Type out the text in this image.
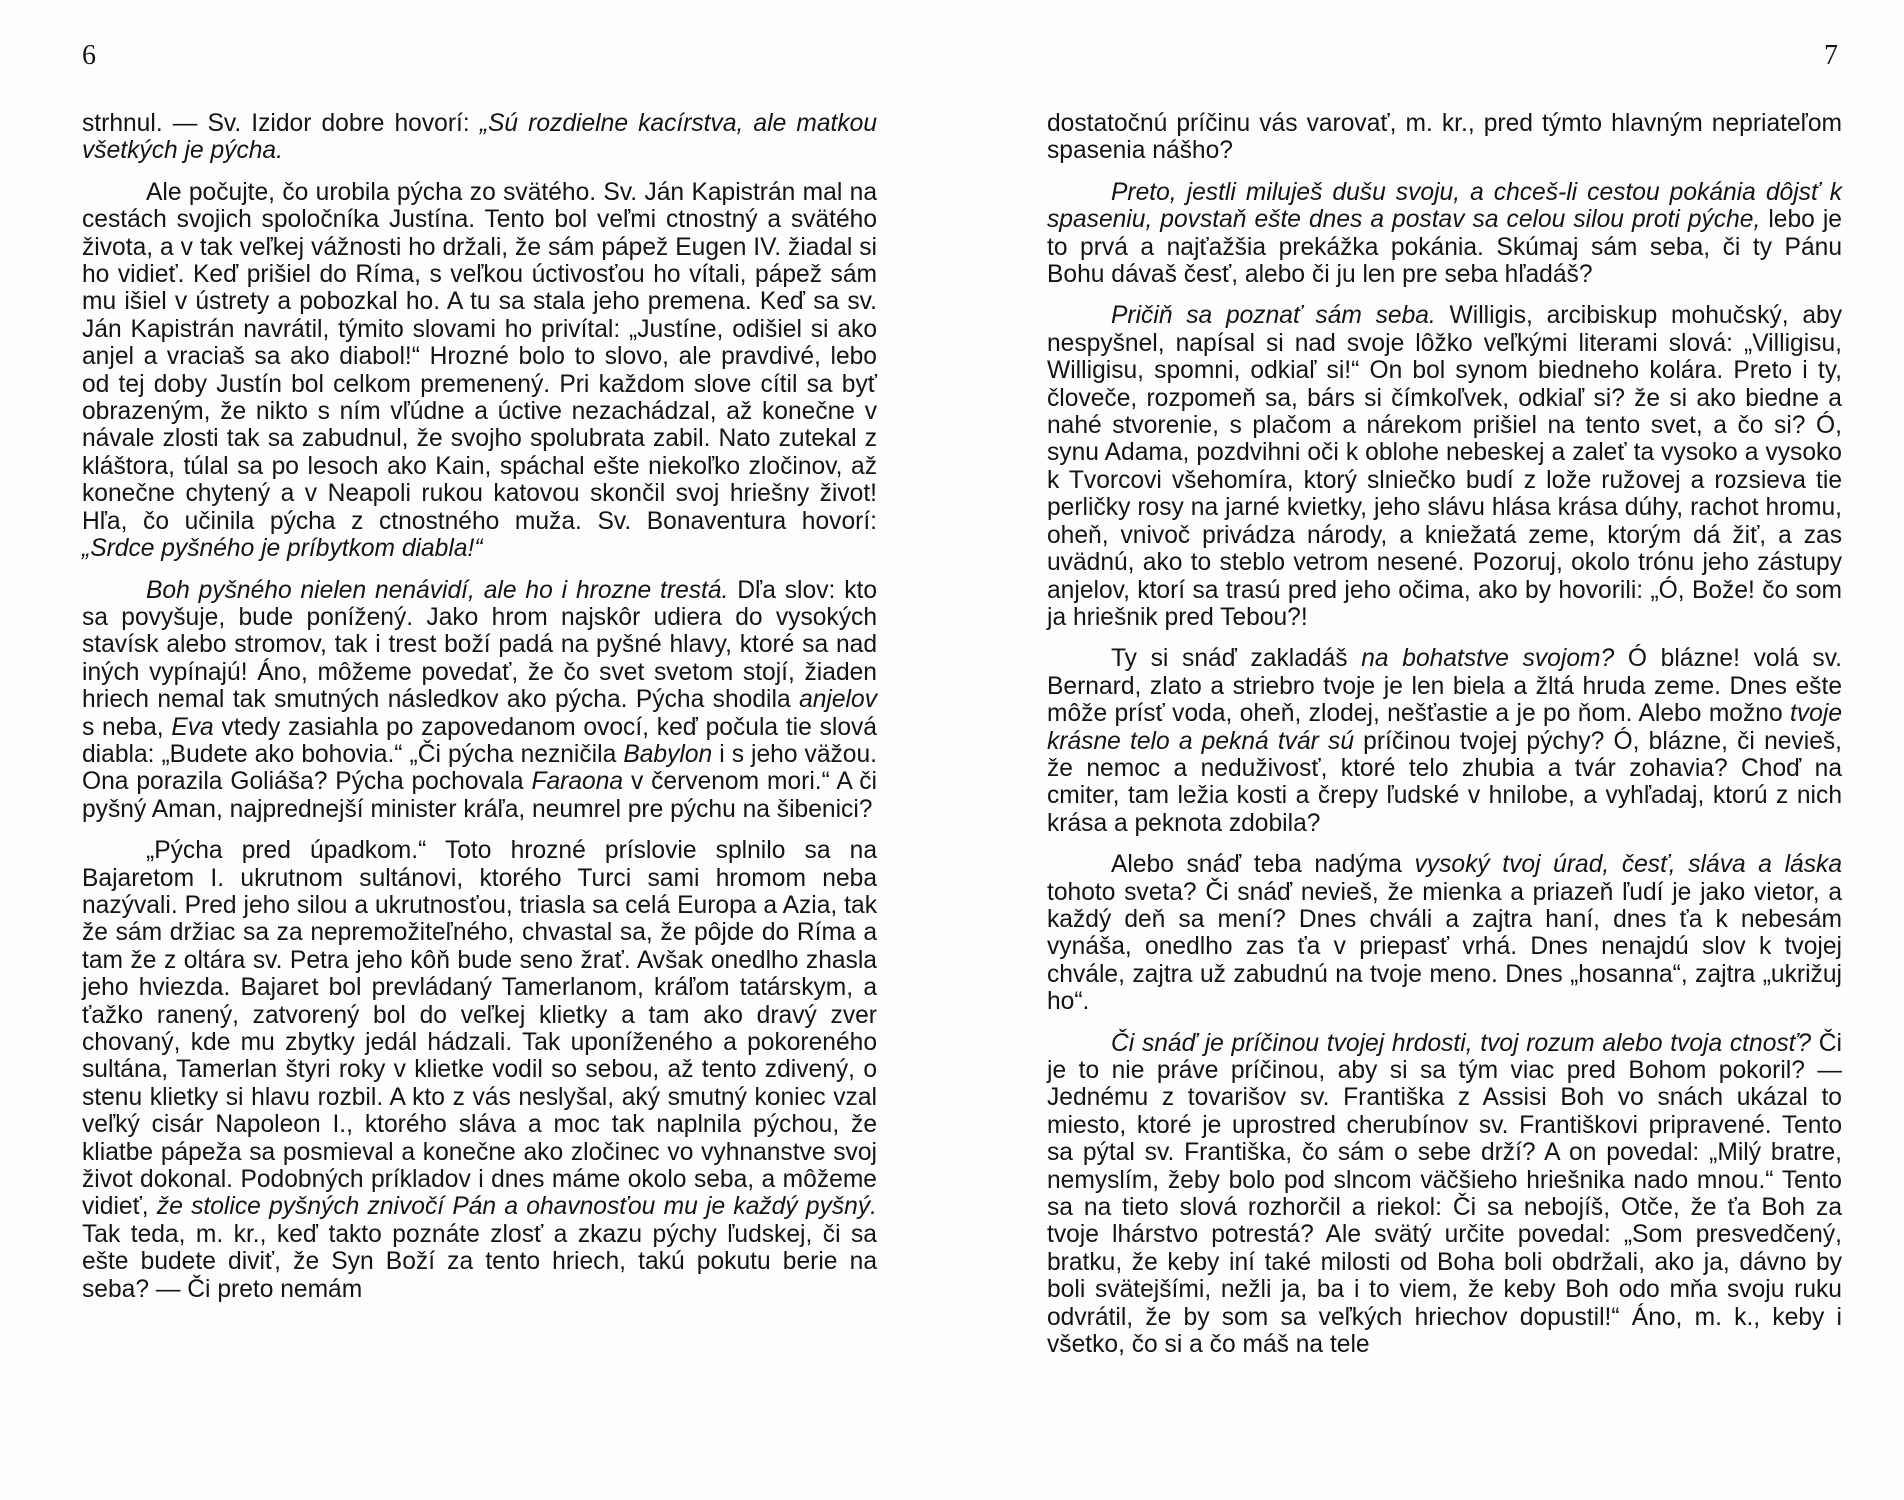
6

strhnul. — Sv. Izidor dobre hovorí: „Sú rozdielne kacírstva, ale matkou všetkých je pýcha.

Ale počujte, čo urobila pýcha zo svätého. Sv. Ján Kapistrán mal na cestách svojich spoločníka Justína. Tento bol veľmi ctnostný a svätého života, a v tak veľkej vážnosti ho držali, že sám pápež Eugen IV. žiadal si ho vidieť. Keď prišiel do Ríma, s veľkou úctivosťou ho vítali, pápež sám mu išiel v ústrety a pobozkal ho. A tu sa stala jeho premena. Keď sa sv. Ján Kapistrán navrátil, týmito slovami ho privítal: „Justíne, odišiel si ako anjel a vraciaš sa ako diabol!“ Hrozné bolo to slovo, ale pravdivé, lebo od tej doby Justín bol celkom premenený. Pri každom slove cítil sa byť obrazeným, že nikto s ním vľúdne a úctive nezachádzal, až konečne v návale zlosti tak sa zabudnul, že svojho spolubrata zabil. Nato zutekal z kláštora, túlal sa po lesoch ako Kain, spáchal ešte niekoľko zločinov, až konečne chytený a v Neapoli rukou katovou skončil svoj hriešny život! Hľa, čo učinila pýcha z ctnostného muža. Sv. Bonaventura hovorí: „Srdce pyšného je príbytkom diabla!“

Boh pyšného nielen nenávidí, ale ho i hrozne trestá. Dľa slov: kto sa povyšuje, bude ponížený. Jako hrom najskôr udiera do vysokých stavísk alebo stromov, tak i trest boží padá na pyšné hlavy, ktoré sa nad iných vypínajú! Áno, môžeme povedať, že čo svet svetom stojí, žiaden hriech nemal tak smutných následkov ako pýcha. Pýcha shodila anjelov s neba, Eva vtedy zasiahla po zapovedanom ovocí, keď počula tie slová diabla: „Budete ako bohovia.“ „Či pýcha nezničila Babylon i s jeho väžou. Ona porazila Goliáša? Pýcha pochovala Faraona v červenom mori.“ A či pyšný Aman, najprednejší minister kráľa, neumrel pre pýchu na šibenici?

„Pýcha pred úpadkom.“ Toto hrozné príslovie splnilo sa na Bajaretom I. ukrutnom sultánovi, ktorého Turci sami hromom neba nazývali. Pred jeho silou a ukrutnosťou, triasla sa celá Europa a Azia, tak že sám držiac sa za nepremožiteľného, chvastal sa, že pôjde do Ríma a tam že z oltára sv. Petra jeho kôň bude seno žrať. Avšak onedlho zhasla jeho hviezda. Bajaret bol prevládaný Tamerlanom, kráľom tatárskym, a ťažko ranený, zatvorený bol do veľkej klietky a tam ako dravý zver chovaný, kde mu zbytky jedál hádzali. Tak uponíženého a pokoreného sultána, Tamerlan štyri roky v klietke vodil so sebou, až tento zdivený, o stenu klietky si hlavu rozbil. A kto z vás neslyšal, aký smutný koniec vzal veľký cisár Napoleon I., ktorého sláva a moc tak naplnila pýchou, že kliatbe pápeža sa posmieval a konečne ako zločinec vo vyhnanstve svoj život dokonal. Podobných príkladov i dnes máme okolo seba, a môžeme vidieť, že stolice pyšných znivočí Pán a ohavnosťou mu je každý pyšný. Tak teda, m. kr., keď takto poznáte zlosť a zkazu pýchy ľudskej, či sa ešte budete diviť, že Syn Boží za tento hriech, takú pokutu berie na seba? — Či preto nemám

7

dostatočnú príčinu vás varovať, m. kr., pred týmto hlavným nepriateľom spasenia nášho?

Preto, jestli miluješ dušu svoju, a chceš-li cestou pokánia dôjsť k spaseniu, povstaň ešte dnes a postav sa celou silou proti pýche, lebo je to prvá a najťažšia prekážka pokánia. Skúmaj sám seba, či ty Pánu Bohu dávaš česť, alebo či ju len pre seba hľadáš?

Pričiň sa poznať sám seba. Willigis, arcibiskup mohučský, aby nespyšnel, napísal si nad svoje lôžko veľkými literami slová: „Villigisu, Willigisu, spomni, odkiaľ si!“ On bol synom biedneho kolára. Preto i ty, človeče, rozpomeň sa, bárs si čímkoľvek, odkiaľ si? že si ako biedne a nahé stvorenie, s plačom a nárekom prišiel na tento svet, a čo si? Ó, synu Adama, pozdvihni oči k oblohe nebeskej a zaleť ta vysoko a vysoko k Tvorcovi všehomíra, ktorý slniečko budí z lože ružovej a rozsieva tie perličky rosy na jarné kvietky, jeho slávu hlása krása dúhy, rachot hromu, oheň, vnivoč privádza národy, a kniežatá zeme, ktorým dá žiť, a zas uvädnú, ako to steblo vetrom nesené. Pozoruj, okolo trónu jeho zástupy anjelov, ktorí sa trasú pred jeho očima, ako by hovorili: „Ó, Bože! čo som ja hriešnik pred Tebou?!

Ty si snáď zakladáš na bohatstve svojom? Ó blázne! volá sv. Bernard, zlato a striebro tvoje je len biela a žltá hruda zeme. Dnes ešte môže prísť voda, oheň, zlodej, nešťastie a je po ňom. Alebo možno tvoje krásne telo a pekná tvár sú príčinou tvojej pýchy? Ó, blázne, či nevieš, že nemoc a neduživosť, ktoré telo zhubia a tvár zohavia? Choď na cmiter, tam ležia kosti a črepy ľudské v hnilobe, a vyhľadaj, ktorú z nich krása a peknota zdobila?

Alebo snáď teba nadýma vysoký tvoj úrad, česť, sláva a láska tohoto sveta? Či snáď nevieš, že mienka a priazeň ľudí je jako vietor, a každý deň sa mení? Dnes chváli a zajtra haní, dnes ťa k nebesám vynáša, onedlho zas ťa v priepasť vrhá. Dnes nenajdú slov k tvojej chvále, zajtra už zabudnú na tvoje meno. Dnes „hosanna“, zajtra „ukrižuj ho“.

Či snáď je príčinou tvojej hrdosti, tvoj rozum alebo tvoja ctnosť? Či je to nie práve príčinou, aby si sa tým viac pred Bohom pokoril? — Jednému z tovarišov sv. Františka z Assisi Boh vo snách ukázal to miesto, ktoré je uprostred cherubínov sv. Františkovi pripravené. Tento sa pýtal sv. Františka, čo sám o sebe drží? A on povedal: „Milý bratre, nemyslím, žeby bolo pod slncom väčšieho hriešnika nado mnou.“ Tento sa na tieto slová rozhorčil a riekol: Či sa nebojíš, Otče, že ťa Boh za tvoje lhárstvo potrestá? Ale svätý určite povedal: „Som presvedčený, bratku, že keby iní také milosti od Boha boli obdržali, ako ja, dávno by boli svätejšími, nežli ja, ba i to viem, že keby Boh odo mňa svoju ruku odvrátil, že by som sa veľkých hriechov dopustil!“ Áno, m. k., keby i všetko, čo si a čo máš na tele
